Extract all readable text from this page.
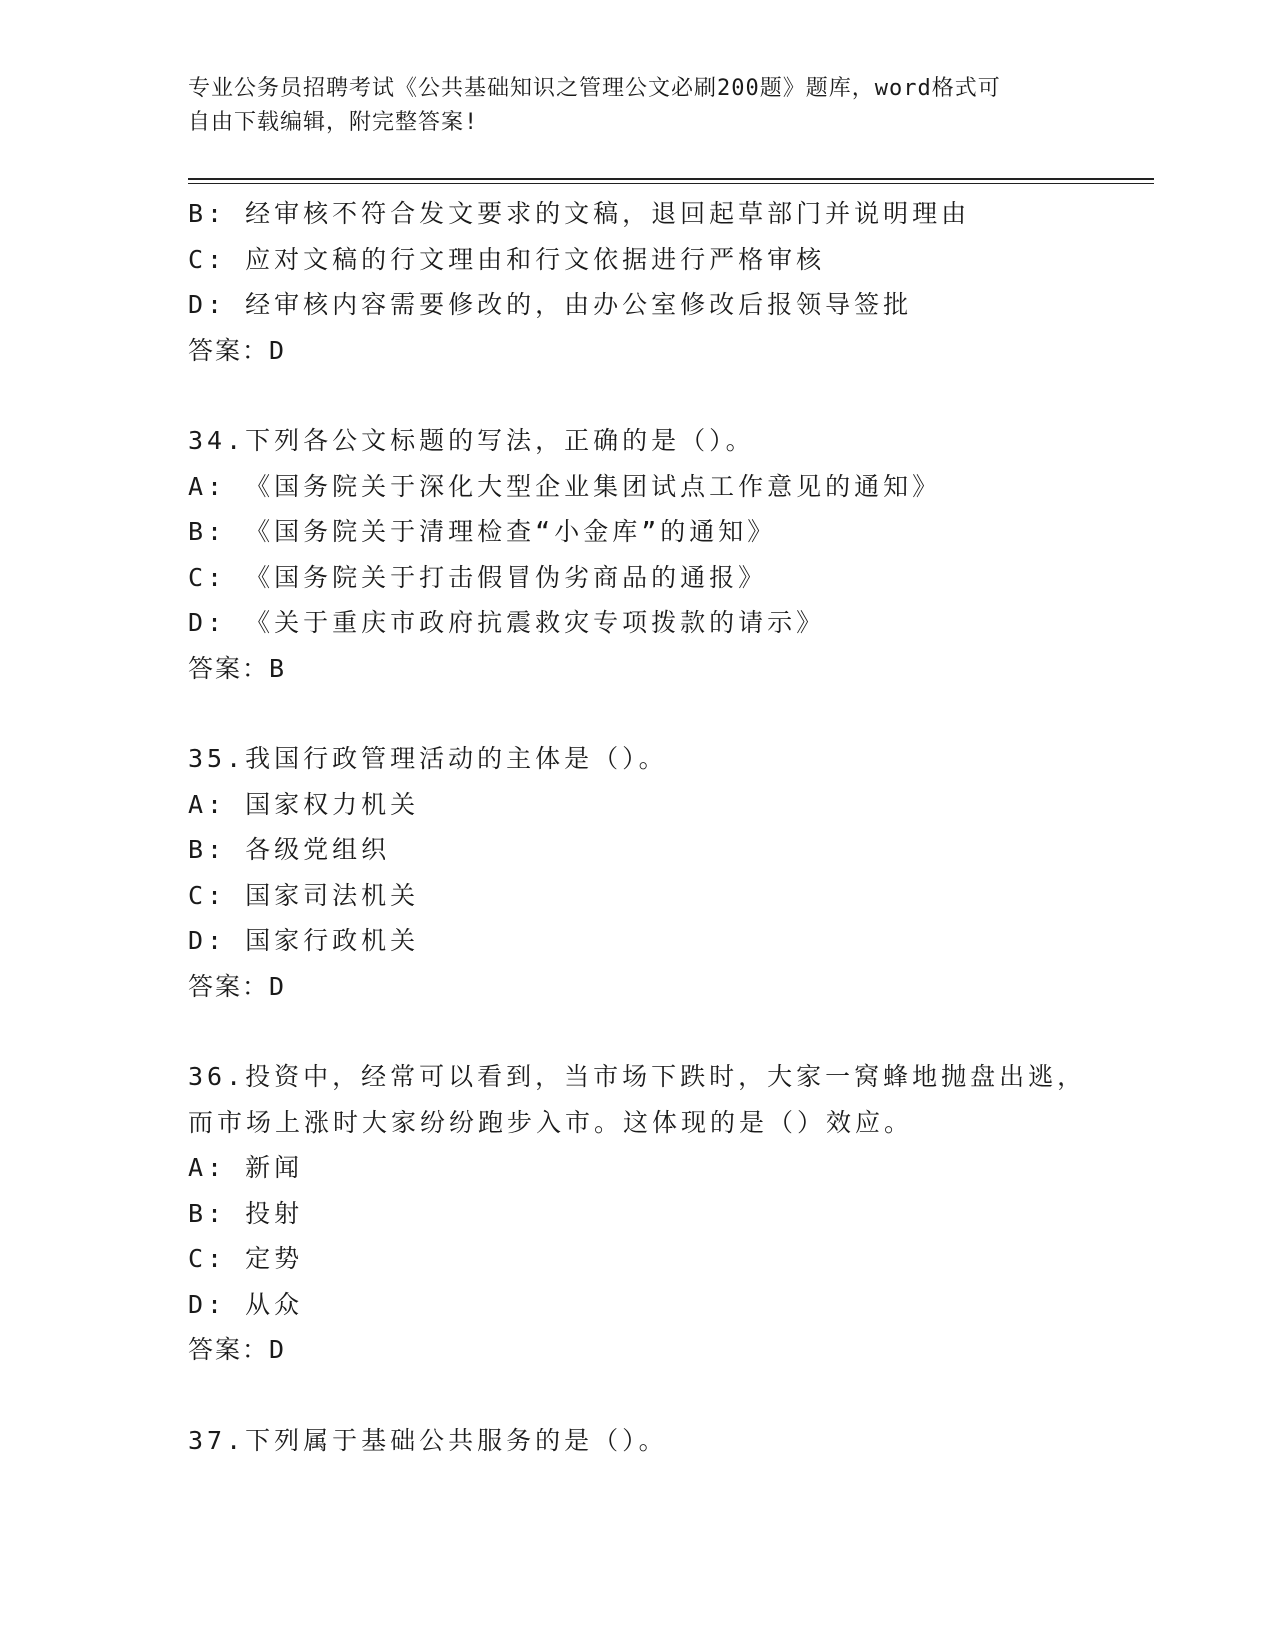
专业公务员招聘考试《公共基础知识之管理公文必刷200题》题库，word格式可
自由下载编辑，附完整答案!
B: 经审核不符合发文要求的文稿，退回起草部门并说明理由
C: 应对文稿的行文理由和行文依据进行严格审核
D: 经审核内容需要修改的，由办公室修改后报领导签批
答案：D
34.下列各公文标题的写法，正确的是（）。
A: 《国务院关于深化大型企业集团试点工作意见的通知》
B: 《国务院关于清理检查“小金库”的通知》
C: 《国务院关于打击假冒伪劣商品的通报》
D: 《关于重庆市政府抗震救灾专项拨款的请示》
答案：B
35.我国行政管理活动的主体是（）。
A: 国家权力机关
B: 各级党组织
C: 国家司法机关
D: 国家行政机关
答案：D
36.投资中，经常可以看到，当市场下跌时，大家一窝蜂地抛盘出逃，
而市场上涨时大家纷纷跑步入市。这体现的是（）效应。
A: 新闻
B: 投射
C: 定势
D: 从众
答案：D
37.下列属于基础公共服务的是（）。
